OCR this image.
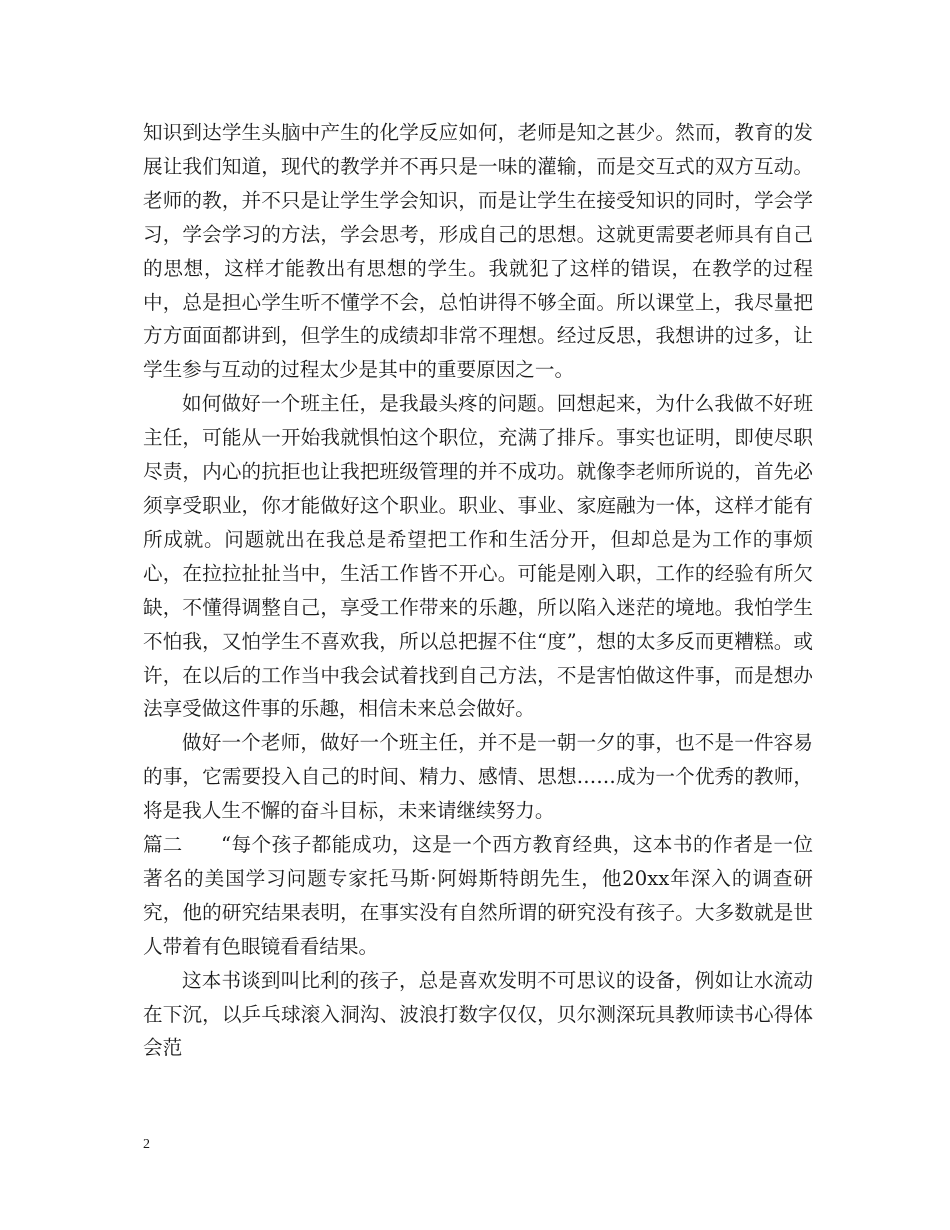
知识到达学生头脑中产生的化学反应如何，老师是知之甚少。然而，教育的发展让我们知道，现代的教学并不再只是一味的灌输，而是交互式的双方互动。老师的教，并不只是让学生学会知识，而是让学生在接受知识的同时，学会学习，学会学习的方法，学会思考，形成自己的思想。这就更需要老师具有自己的思想，这样才能教出有思想的学生。我就犯了这样的错误，在教学的过程中，总是担心学生听不懂学不会，总怕讲得不够全面。所以课堂上，我尽量把方方面面都讲到，但学生的成绩却非常不理想。经过反思，我想讲的过多，让学生参与互动的过程太少是其中的重要原因之一。

如何做好一个班主任，是我最头疼的问题。回想起来，为什么我做不好班主任，可能从一开始我就惧怕这个职位，充满了排斥。事实也证明，即使尽职尽责，内心的抗拒也让我把班级管理的并不成功。就像李老师所说的，首先必须享受职业，你才能做好这个职业。职业、事业、家庭融为一体，这样才能有所成就。问题就出在我总是希望把工作和生活分开，但却总是为工作的事烦心，在拉拉扯扯当中，生活工作皆不开心。可能是刚入职，工作的经验有所欠缺，不懂得调整自己，享受工作带来的乐趣，所以陷入迷茫的境地。我怕学生不怕我，又怕学生不喜欢我，所以总把握不住“度”，想的太多反而更糟糕。或许，在以后的工作当中我会试着找到自己方法，不是害怕做这件事，而是想办法享受做这件事的乐趣，相信未来总会做好。

做好一个老师，做好一个班主任，并不是一朝一夕的事，也不是一件容易的事，它需要投入自己的时间、精力、感情、思想……成为一个优秀的教师，将是我人生不懈的奋斗目标，未来请继续努力。

篇二 “每个孩子都能成功，这是一个西方教育经典，这本书的作者是一位著名的美国学习问题专家托马斯·阿姆斯特朗先生，他20xx年深入的调查研究，他的研究结果表明，在事实没有自然所谓的研究没有孩子。大多数就是世人带着有色眼镜看看结果。

这本书谈到叫比利的孩子，总是喜欢发明不可思议的设备，例如让水流动在下沉，以乒乓球滚入洞沟、波浪打数字仅仅，贝尔测深玩具教师读书心得体会范

2
